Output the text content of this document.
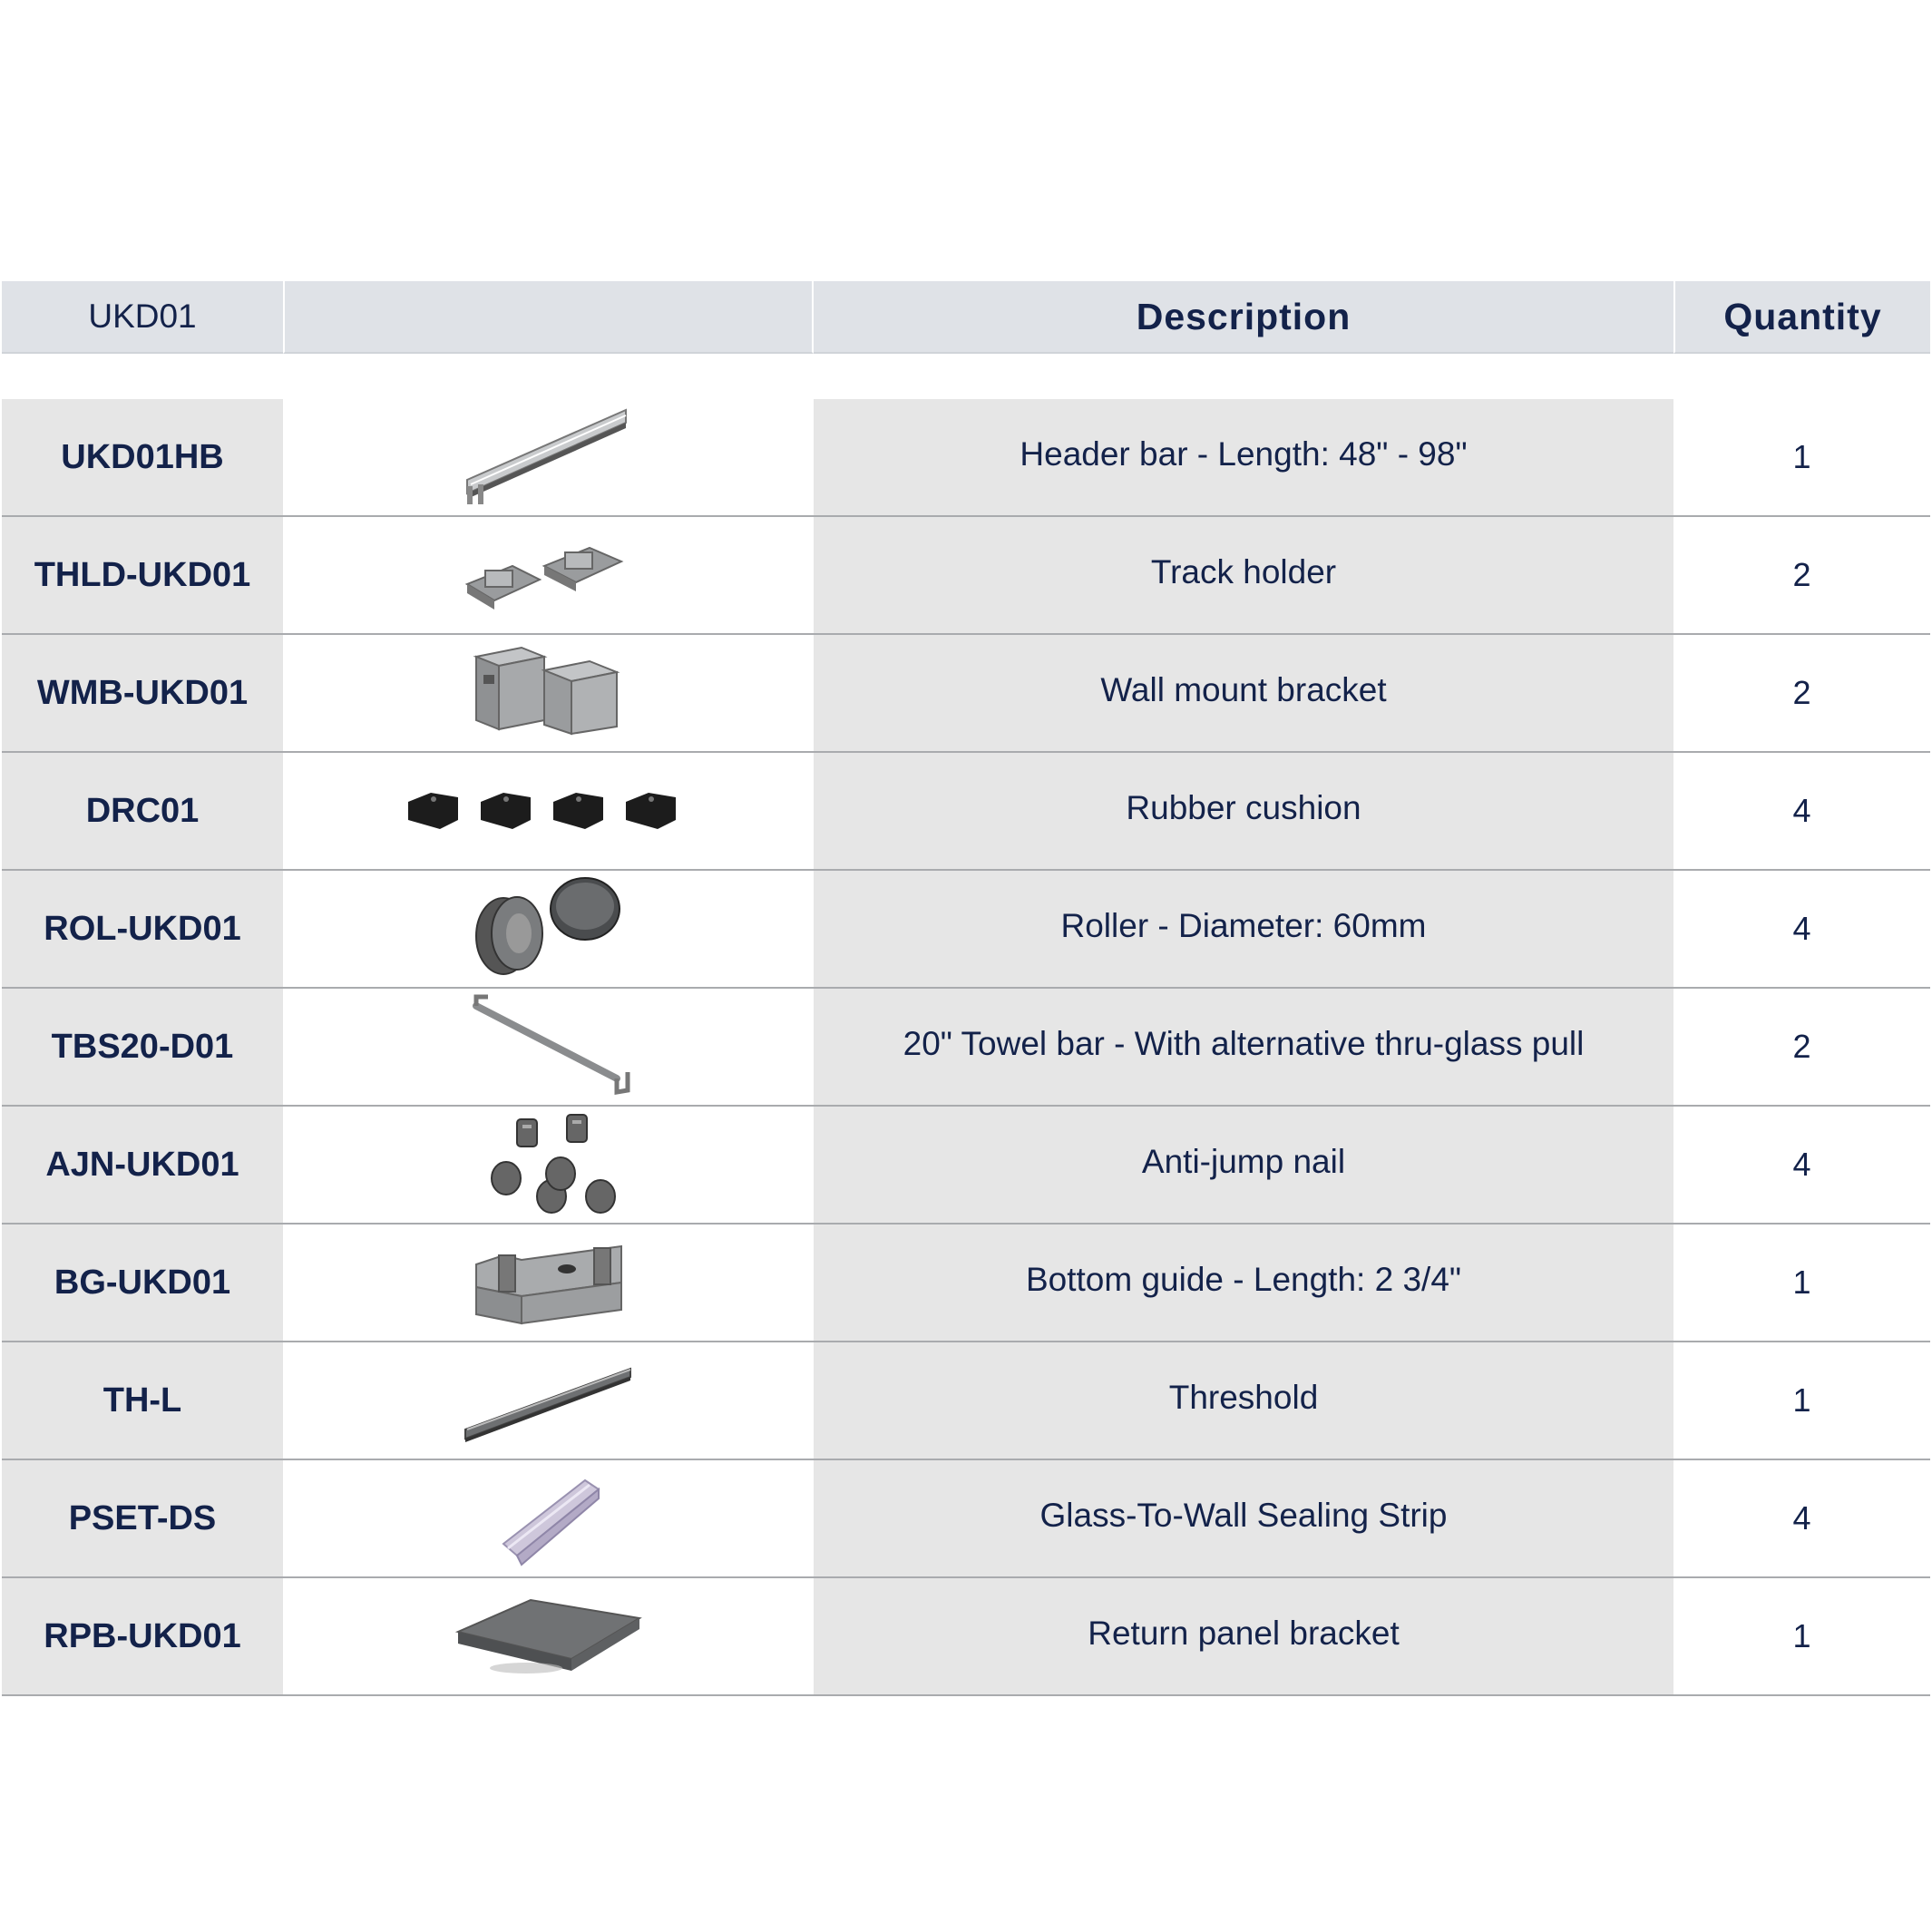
UKD01	Description	Quantity
UKD01HB	Header bar - Length: 48" - 98"	1
THLD-UKD01	Track holder	2
WMB-UKD01	Wall mount bracket	2
DRC01	Rubber cushion	4
ROL-UKD01	Roller - Diameter: 60mm	4
TBS20-D01	20" Towel bar - With alternative thru-glass pull	2
AJN-UKD01	Anti-jump nail	4
BG-UKD01	Bottom guide - Length: 2 3/4"	1
TH-L	Threshold	1
PSET-DS	Glass-To-Wall Sealing Strip	4
RPB-UKD01	Return panel bracket	1
